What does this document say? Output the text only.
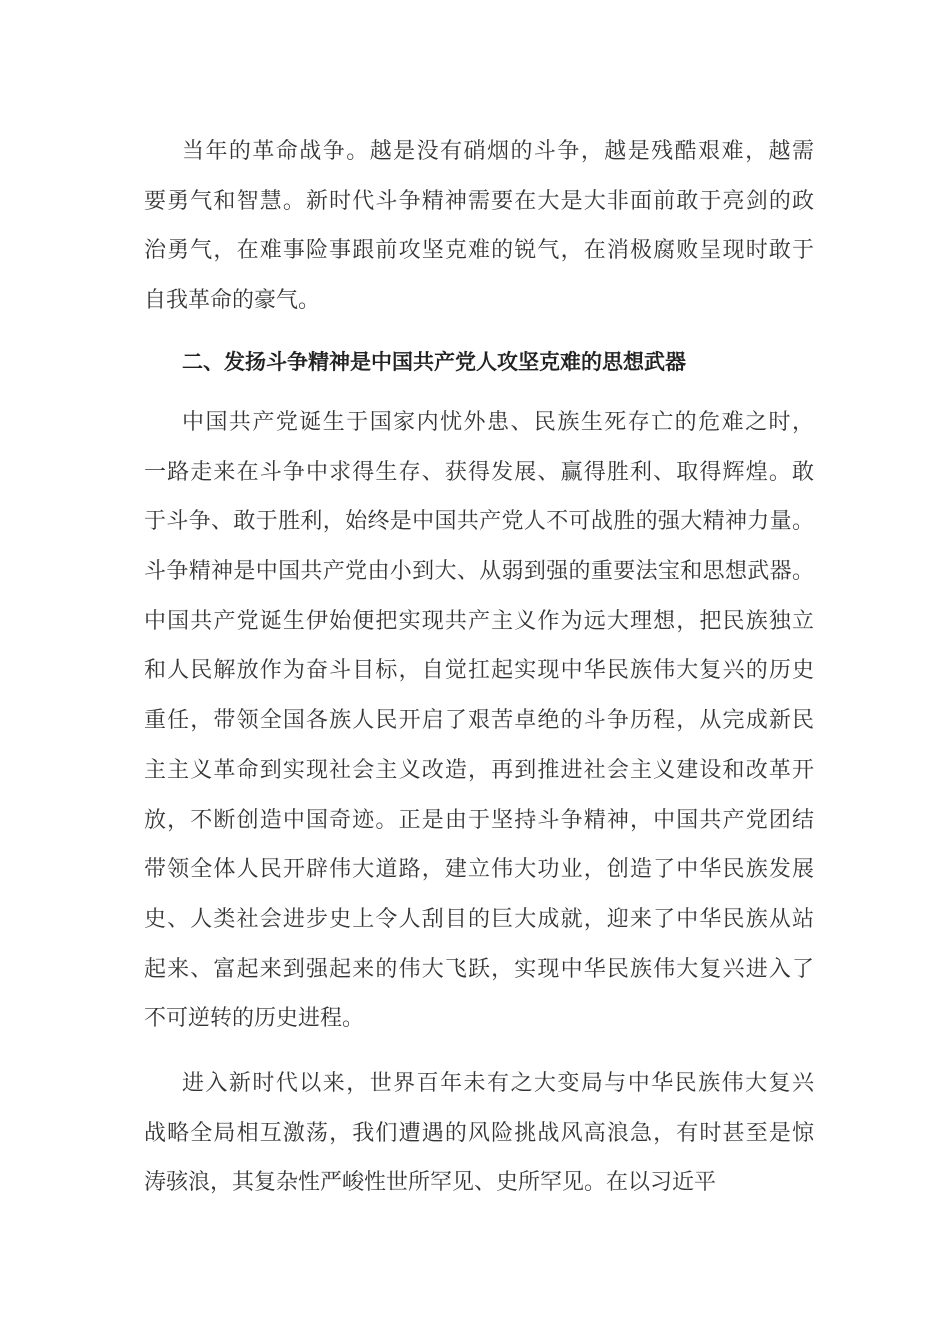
当年的革命战争。越是没有硝烟的斗争，越是残酷艰难，越需
要勇气和智慧。新时代斗争精神需要在大是大非面前敢于亮剑的政
治勇气，在难事险事跟前攻坚克难的锐气，在消极腐败呈现时敢于
自我革命的豪气。

二、发扬斗争精神是中国共产党人攻坚克难的思想武器

中国共产党诞生于国家内忧外患、民族生死存亡的危难之时，
一路走来在斗争中求得生存、获得发展、赢得胜利、取得辉煌。敢
于斗争、敢于胜利，始终是中国共产党人不可战胜的强大精神力量。
斗争精神是中国共产党由小到大、从弱到强的重要法宝和思想武器。
中国共产党诞生伊始便把实现共产主义作为远大理想，把民族独立
和人民解放作为奋斗目标，自觉扛起实现中华民族伟大复兴的历史
重任，带领全国各族人民开启了艰苦卓绝的斗争历程，从完成新民
主主义革命到实现社会主义改造，再到推进社会主义建设和改革开
放，不断创造中国奇迹。正是由于坚持斗争精神，中国共产党团结
带领全体人民开辟伟大道路，建立伟大功业，创造了中华民族发展
史、人类社会进步史上令人刮目的巨大成就，迎来了中华民族从站
起来、富起来到强起来的伟大飞跃，实现中华民族伟大复兴进入了
不可逆转的历史进程。

进入新时代以来，世界百年未有之大变局与中华民族伟大复兴
战略全局相互激荡，我们遭遇的风险挑战风高浪急，有时甚至是惊
涛骇浪，其复杂性严峻性世所罕见、史所罕见。在以习近平
